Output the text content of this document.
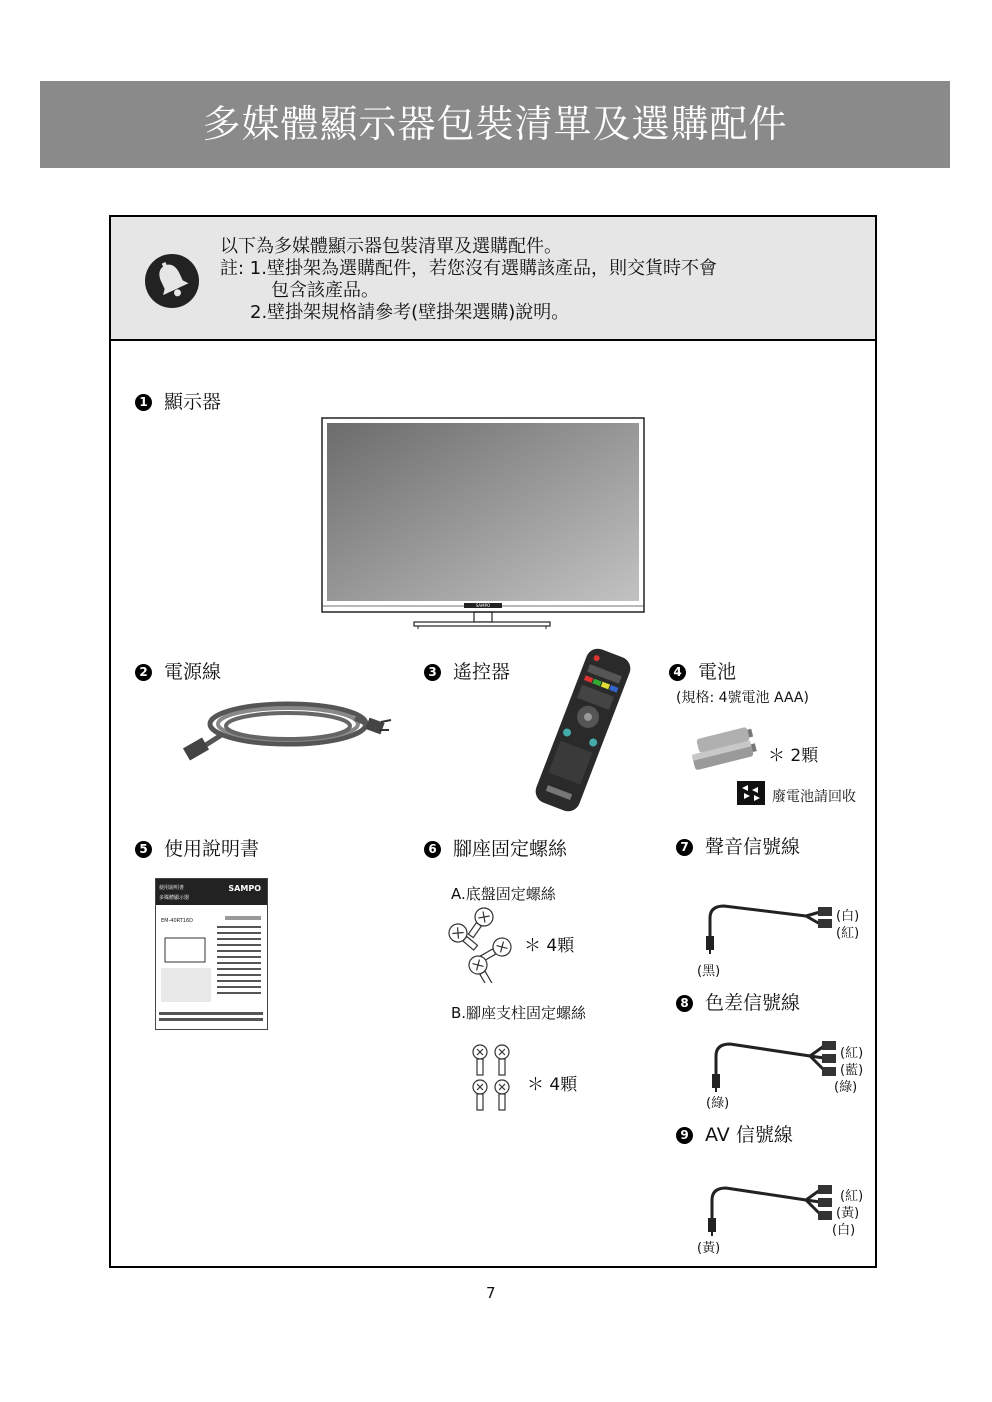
多媒體顯示器包裝清單及選購配件
以下為多媒體顯示器包裝清單及選購配件。
註: 1.壁掛架為選購配件，若您沒有選購該產品，則交貨時不會
包含該產品。
2.壁掛架規格請參考(壁掛架選購)說明。
1 顯示器
SAMPO
2 電源線	3 遙控器	4 電池
(規格: 4號電池 AAA)
＊ 2顆
廢電池請回收
5 使用說明書
使用說明書
多媒體顯示器
SAMPO
EM-40RT16D
6 腳座固定螺絲
A.底盤固定螺絲
＊ 4顆
B.腳座支柱固定螺絲
＊ 4顆
7 聲音信號線
(白)
(紅)
(黑)
8 色差信號線
(紅)
(藍)
(綠)
(綠)
9 AV 信號線
(紅)
(黃)
(白)
(黃)
7
